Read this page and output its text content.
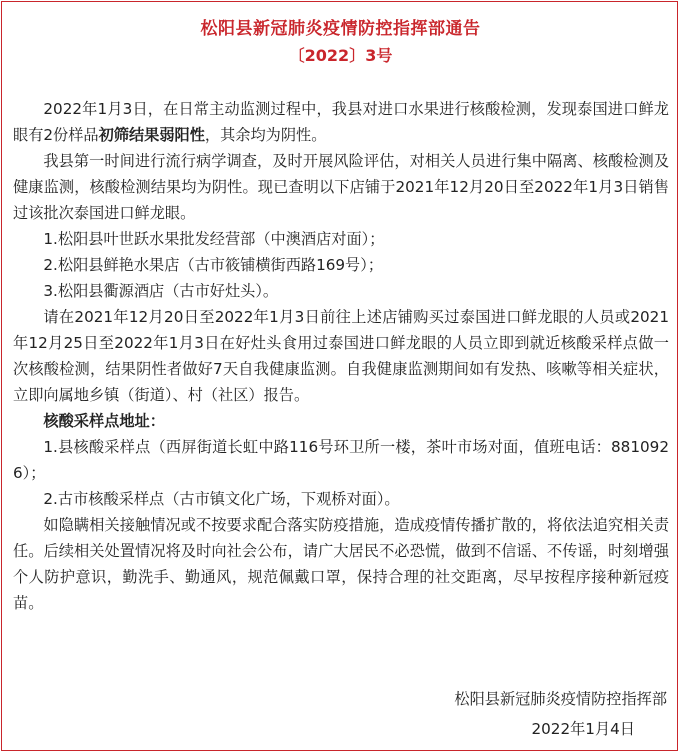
松阳县新冠肺炎疫情防控指挥部通告
〔2022〕3号

2022年1月3日，在日常主动监测过程中，我县对进口水果进行核酸检测，发现泰国进口鲜龙眼有2份样品初筛结果弱阳性，其余均为阴性。

我县第一时间进行流行病学调查，及时开展风险评估，对相关人员进行集中隔离、核酸检测及健康监测，核酸检测结果均为阴性。现已查明以下店铺于2021年12月20日至2022年1月3日销售过该批次泰国进口鲜龙眼。

1.松阳县叶世跃水果批发经营部（中澳酒店对面）；

2.松阳县鲜艳水果店（古市筱铺横街西路169号）；

3.松阳县衢源酒店（古市好灶头）。

请在2021年12月20日至2022年1月3日前往上述店铺购买过泰国进口鲜龙眼的人员或2021年12月25日至2022年1月3日在好灶头食用过泰国进口鲜龙眼的人员立即到就近核酸采样点做一次核酸检测，结果阴性者做好7天自我健康监测。自我健康监测期间如有发热、咳嗽等相关症状，立即向属地乡镇（街道）、村（社区）报告。

核酸采样点地址：

1.县核酸采样点（西屏街道长虹中路116号环卫所一楼，茶叶市场对面，值班电话：8810926）；

2.古市核酸采样点（古市镇文化广场，下观桥对面）。

如隐瞒相关接触情况或不按要求配合落实防疫措施，造成疫情传播扩散的，将依法追究相关责任。后续相关处置情况将及时向社会公布，请广大居民不必恐慌，做到不信谣、不传谣，时刻增强个人防护意识，勤洗手、勤通风，规范佩戴口罩，保持合理的社交距离，尽早按程序接种新冠疫苗。

松阳县新冠肺炎疫情防控指挥部
2022年1月4日
